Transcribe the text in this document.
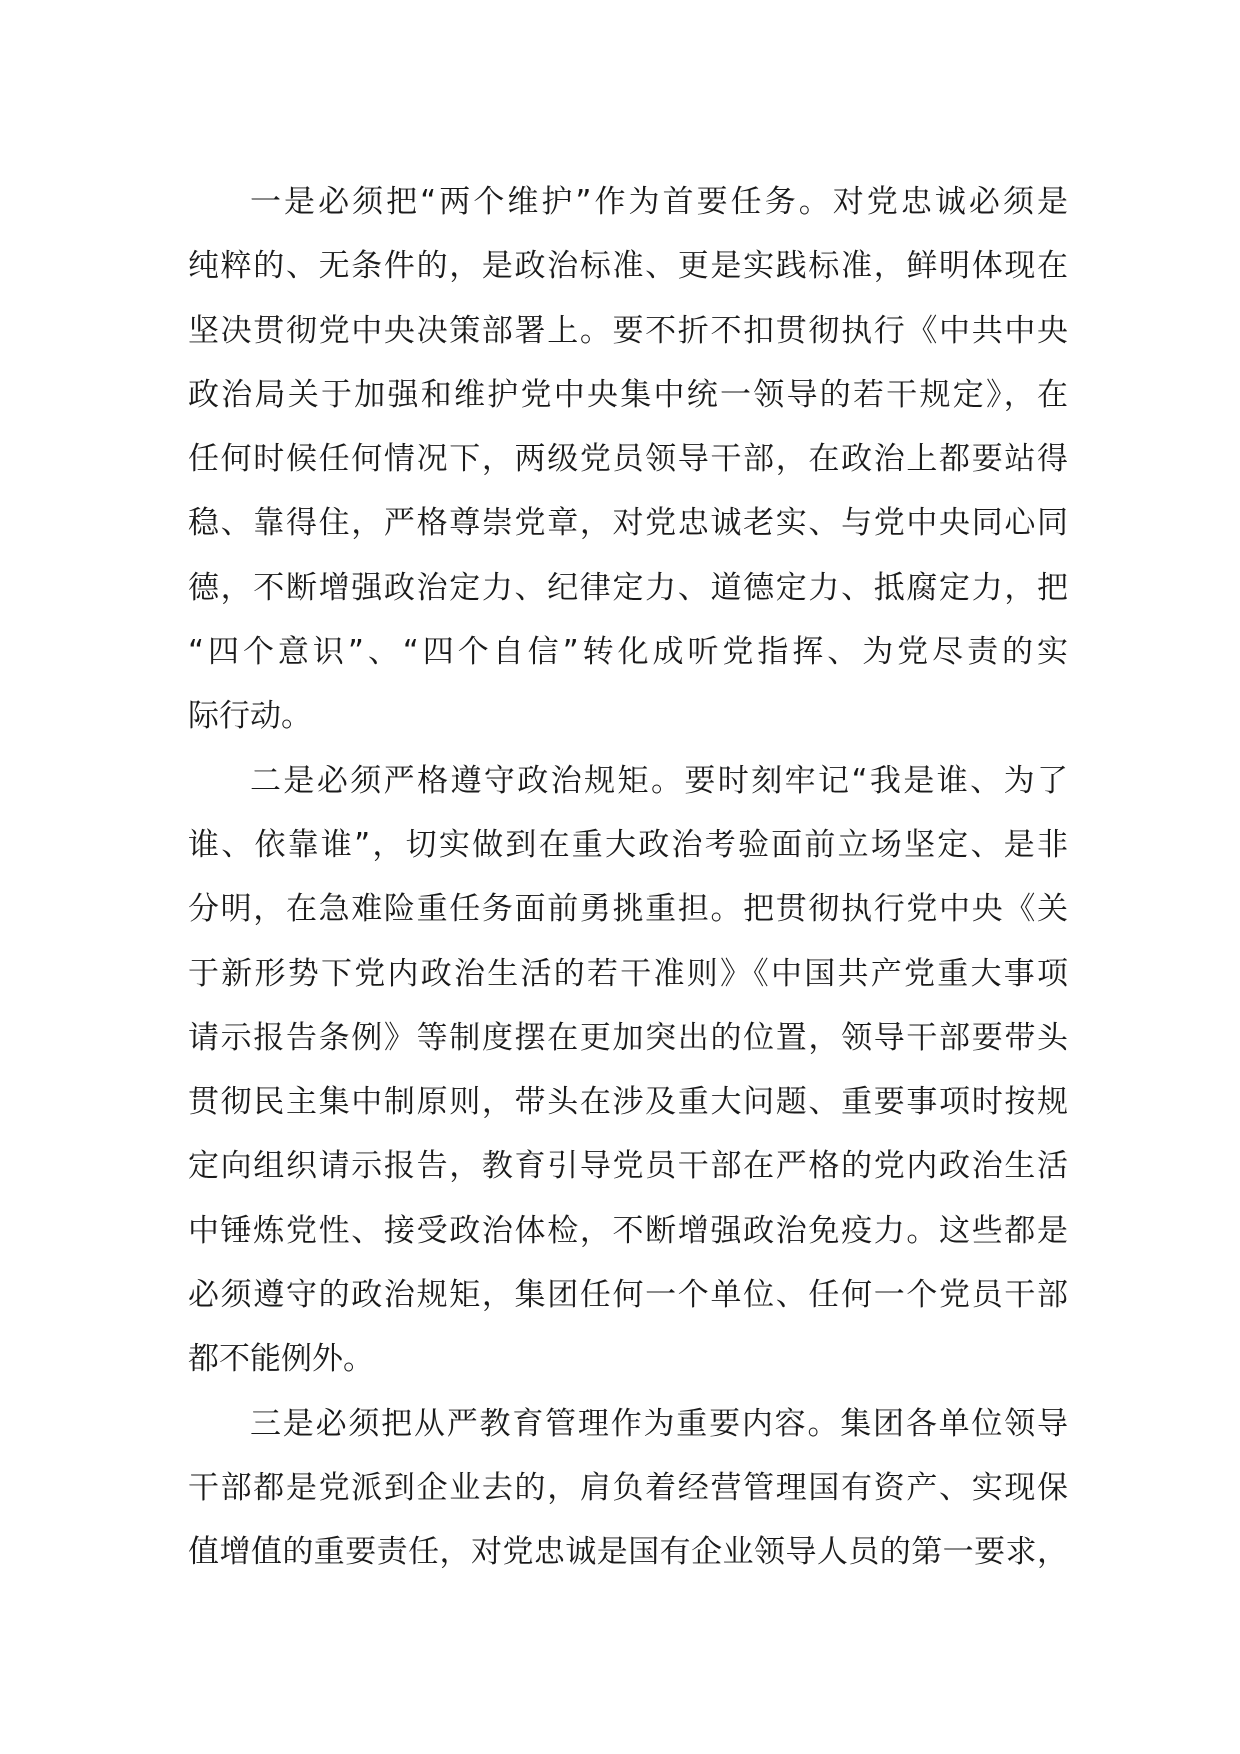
一是必须把“两个维护”作为首要任务。对党忠诚必须是
纯粹的、无条件的，是政治标准、更是实践标准，鲜明体现在
坚决贯彻党中央决策部署上。要不折不扣贯彻执行《中共中央
政治局关于加强和维护党中央集中统一领导的若干规定》，在
任何时候任何情况下，两级党员领导干部，在政治上都要站得
稳、靠得住，严格尊崇党章，对党忠诚老实、与党中央同心同
德，不断增强政治定力、纪律定力、道德定力、抵腐定力，把
“四个意识”、“四个自信”转化成听党指挥、为党尽责的实
际行动。
二是必须严格遵守政治规矩。要时刻牢记“我是谁、为了
谁、依靠谁”，切实做到在重大政治考验面前立场坚定、是非
分明，在急难险重任务面前勇挑重担。把贯彻执行党中央《关
于新形势下党内政治生活的若干准则》《中国共产党重大事项
请示报告条例》等制度摆在更加突出的位置，领导干部要带头
贯彻民主集中制原则，带头在涉及重大问题、重要事项时按规
定向组织请示报告，教育引导党员干部在严格的党内政治生活
中锤炼党性、接受政治体检，不断增强政治免疫力。这些都是
必须遵守的政治规矩，集团任何一个单位、任何一个党员干部
都不能例外。
三是必须把从严教育管理作为重要内容。集团各单位领导
干部都是党派到企业去的，肩负着经营管理国有资产、实现保
值增值的重要责任，对党忠诚是国有企业领导人员的第一要求，
